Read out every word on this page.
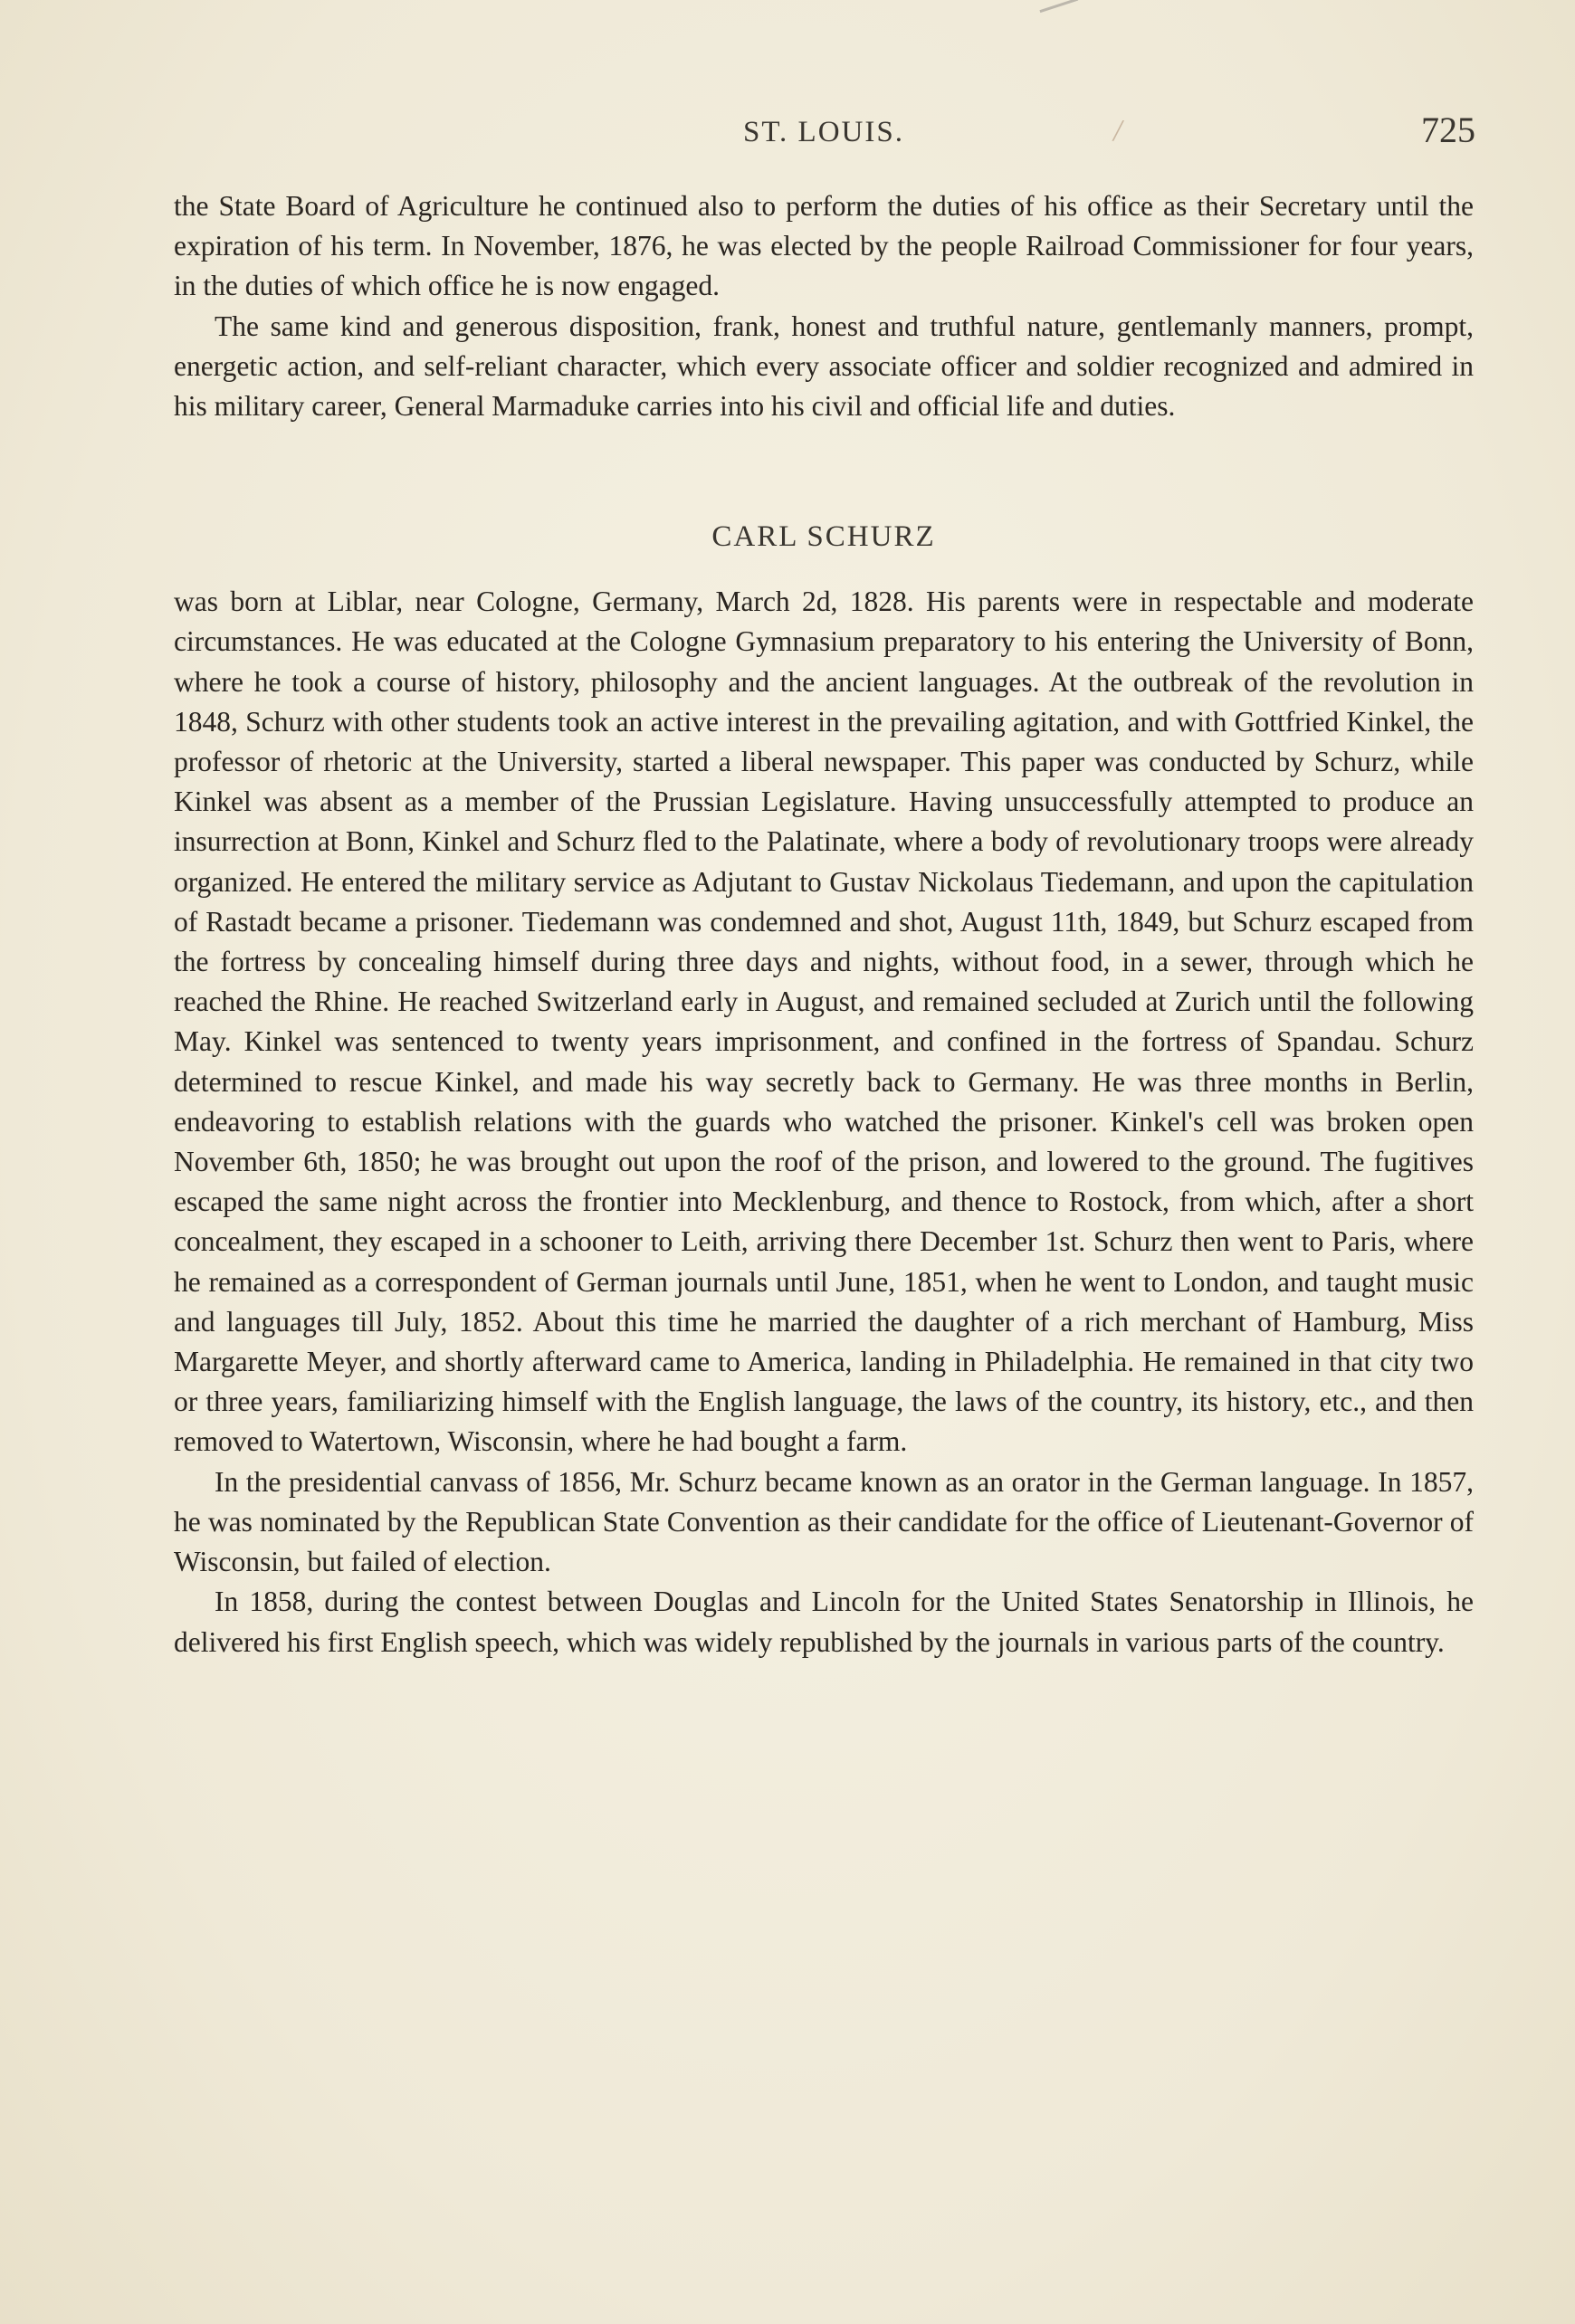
ST. LOUIS.	/	725

the State Board of Agriculture he continued also to perform the duties of his office as their Secretary until the expiration of his term. In November, 1876, he was elected by the people Railroad Commissioner for four years, in the duties of which office he is now engaged.

The same kind and generous disposition, frank, honest and truthful nature, gentlemanly manners, prompt, energetic action, and self-reliant character, which every associate officer and soldier recognized and admired in his military career, General Marmaduke carries into his civil and official life and duties.

CARL SCHURZ

was born at Liblar, near Cologne, Germany, March 2d, 1828. His parents were in respectable and moderate circumstances. He was educated at the Cologne Gymnasium preparatory to his entering the University of Bonn, where he took a course of history, philosophy and the ancient languages. At the outbreak of the revolution in 1848, Schurz with other students took an active interest in the prevailing agitation, and with Gottfried Kinkel, the professor of rhetoric at the University, started a liberal newspaper. This paper was conducted by Schurz, while Kinkel was absent as a member of the Prussian Legislature. Having unsuccessfully attempted to produce an insurrection at Bonn, Kinkel and Schurz fled to the Palatinate, where a body of revolutionary troops were already organized. He entered the military service as Adjutant to Gustav Nickolaus Tiedemann, and upon the capitulation of Rastadt became a prisoner. Tiedemann was condemned and shot, August 11th, 1849, but Schurz escaped from the fortress by concealing himself during three days and nights, without food, in a sewer, through which he reached the Rhine. He reached Switzerland early in August, and remained secluded at Zurich until the following May. Kinkel was sentenced to twenty years imprisonment, and confined in the fortress of Spandau. Schurz determined to rescue Kinkel, and made his way secretly back to Germany. He was three months in Berlin, endeavoring to establish relations with the guards who watched the prisoner. Kinkel's cell was broken open November 6th, 1850; he was brought out upon the roof of the prison, and lowered to the ground. The fugitives escaped the same night across the frontier into Mecklenburg, and thence to Rostock, from which, after a short concealment, they escaped in a schooner to Leith, arriving there December 1st. Schurz then went to Paris, where he remained as a correspondent of German journals until June, 1851, when he went to London, and taught music and languages till July, 1852. About this time he married the daughter of a rich merchant of Hamburg, Miss Margarette Meyer, and shortly afterward came to America, landing in Philadelphia. He remained in that city two or three years, familiarizing himself with the English language, the laws of the country, its history, etc., and then removed to Watertown, Wisconsin, where he had bought a farm.

In the presidential canvass of 1856, Mr. Schurz became known as an orator in the German language. In 1857, he was nominated by the Republican State Convention as their candidate for the office of Lieutenant-Governor of Wisconsin, but failed of election.

In 1858, during the contest between Douglas and Lincoln for the United States Senatorship in Illinois, he delivered his first English speech, which was widely republished by the journals in various parts of the country.
